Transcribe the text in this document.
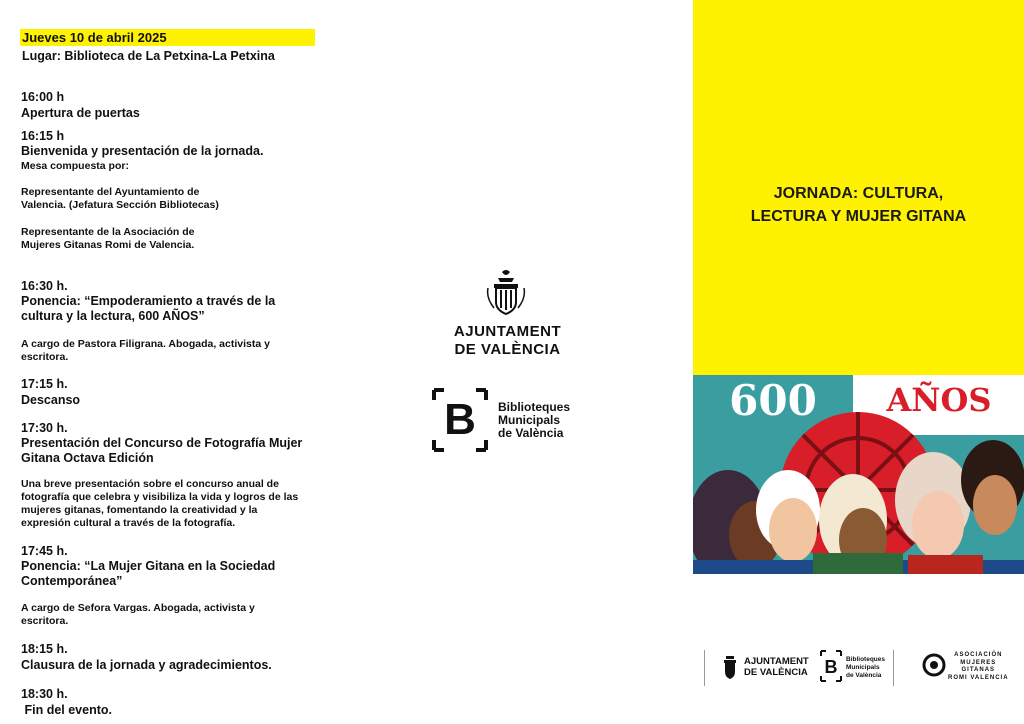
Jueves 10 de abril 2025
Lugar: Biblioteca de La Petxina-La Petxina
16:00 h
Apertura de puertas
16:15 h
Bienvenida y presentación de la jornada.
Mesa compuesta por:
Representante del Ayuntamiento de
Valencia. (Jefatura Sección Bibliotecas)
Representante de la Asociación de
Mujeres Gitanas Romi de Valencia.
16:30 h.
Ponencia: “Empoderamiento a través de la
cultura y la lectura, 600 AÑOS”
A cargo de Pastora Filigrana. Abogada, activista y
escritora.
17:15 h.
Descanso
17:30 h.
Presentación del Concurso de Fotografía Mujer
Gitana Octava Edición
Una breve presentación sobre el concurso anual de
fotografía que celebra y visibiliza la vida y logros de las
mujeres gitanas, fomentando la creatividad y la
expresión cultural a través de la fotografía.
17:45 h.
Ponencia: “La Mujer Gitana en la Sociedad
Contemporánea”
A cargo de Sefora Vargas. Abogada, activista y
escritora.
18:15 h.
Clausura de la jornada y agradecimientos.
18:30 h.
Fin del evento.
AJUNTAMENT
DE VALÈNCIA
B	Biblioteques
Municipals
de València
JORNADA: CULTURA,
LECTURA Y MUJER GITANA
600 AÑOS
AJUNTAMENT
DE VALÈNCIA B Biblioteques
Municipals
de València
ASOCIACIÓN
MUJERES
GITANAS
ROMI VALENCIA
